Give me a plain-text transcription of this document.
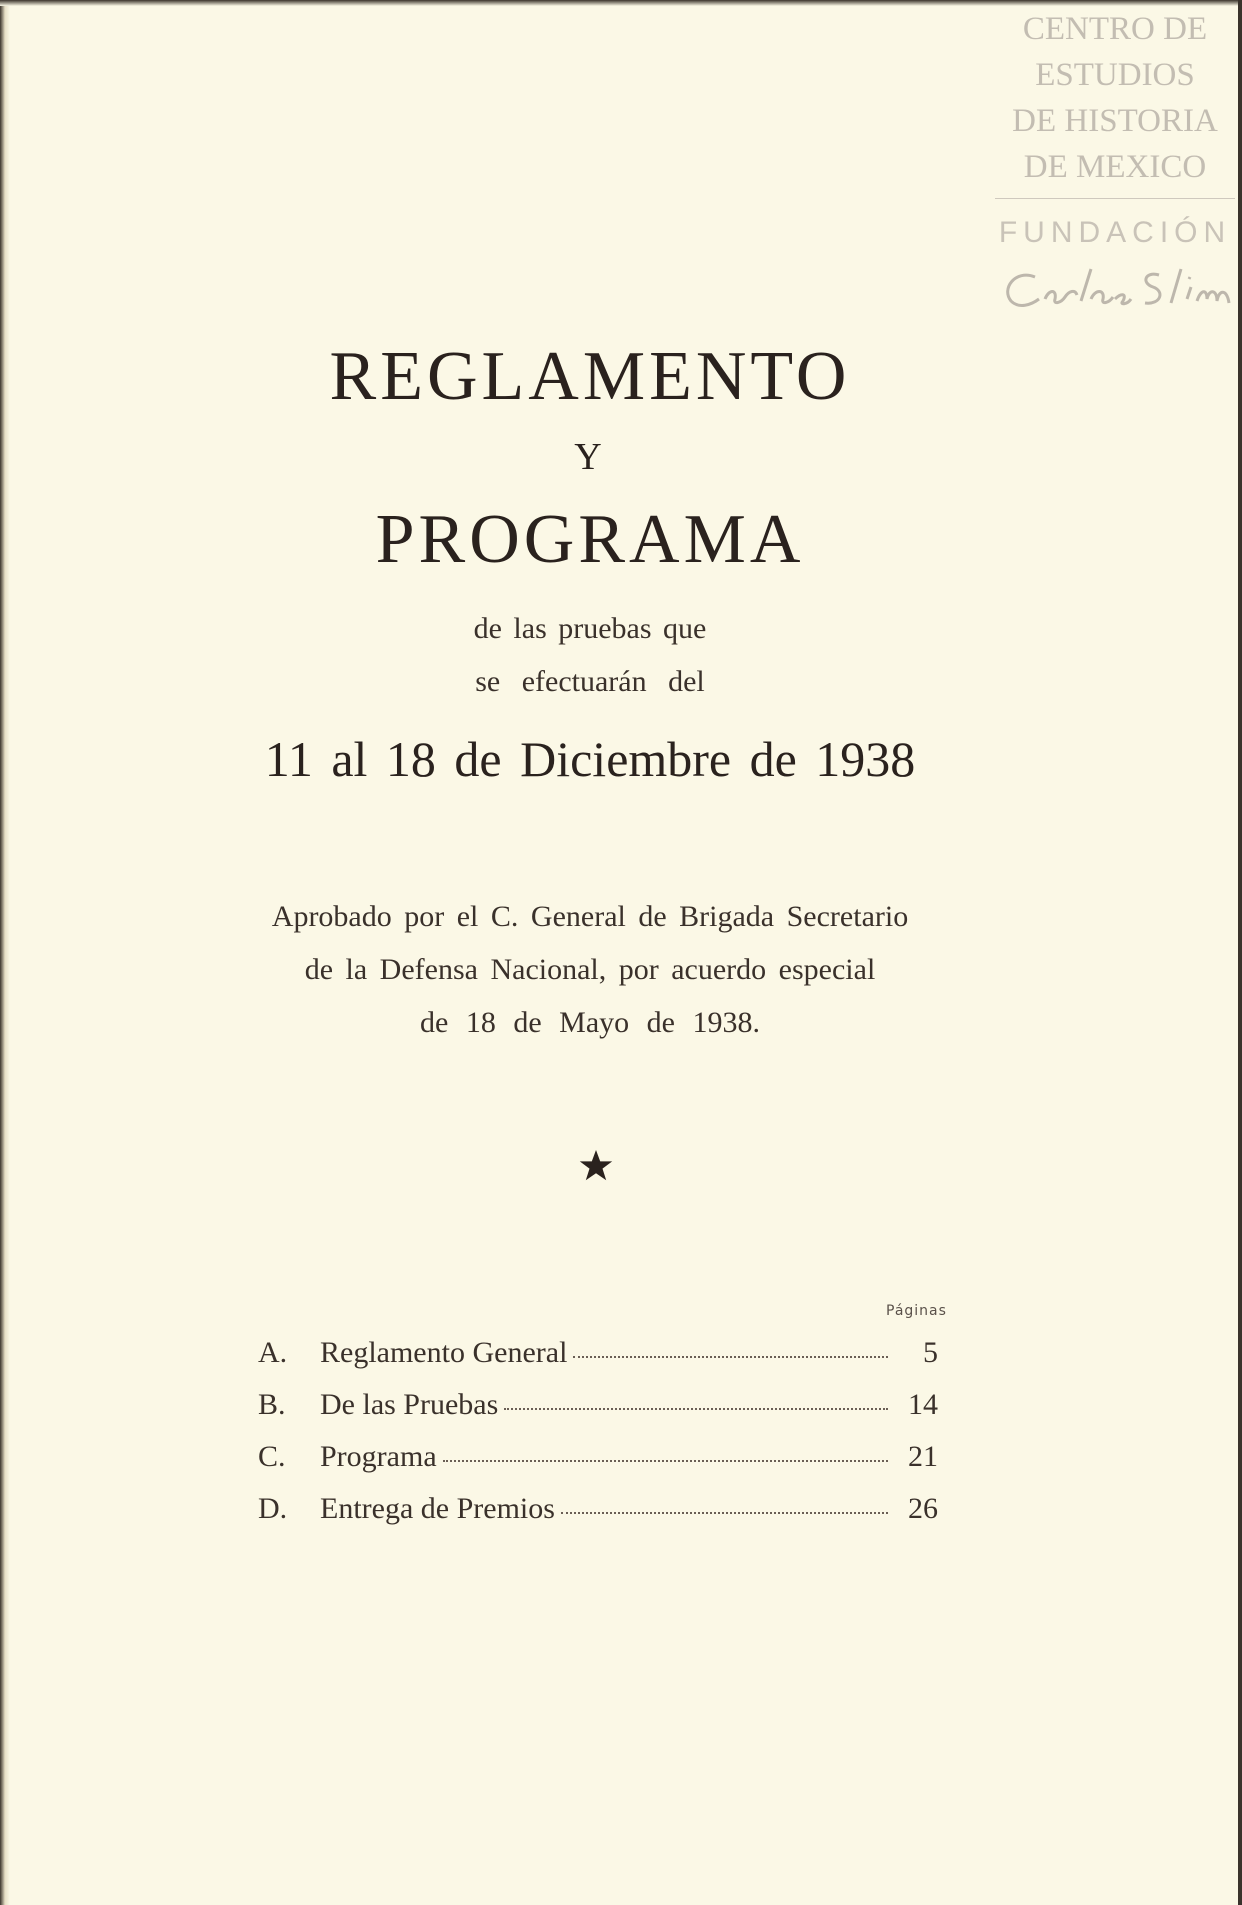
CENTRO DE
ESTUDIOS
DE HISTORIA
DE MEXICO
FUNDACIÓN
REGLAMENTO
Y
PROGRAMA
de las pruebas que
se efectuarán del
11 al 18 de Diciembre de 1938
Aprobado por el C. General de Brigada Secretario
de la Defensa Nacional, por acuerdo especial
de 18 de Mayo de 1938.
Páginas
A.	Reglamento General	5
B.	De las Pruebas	14
C.	Programa	21
D.	Entrega de Premios	26
